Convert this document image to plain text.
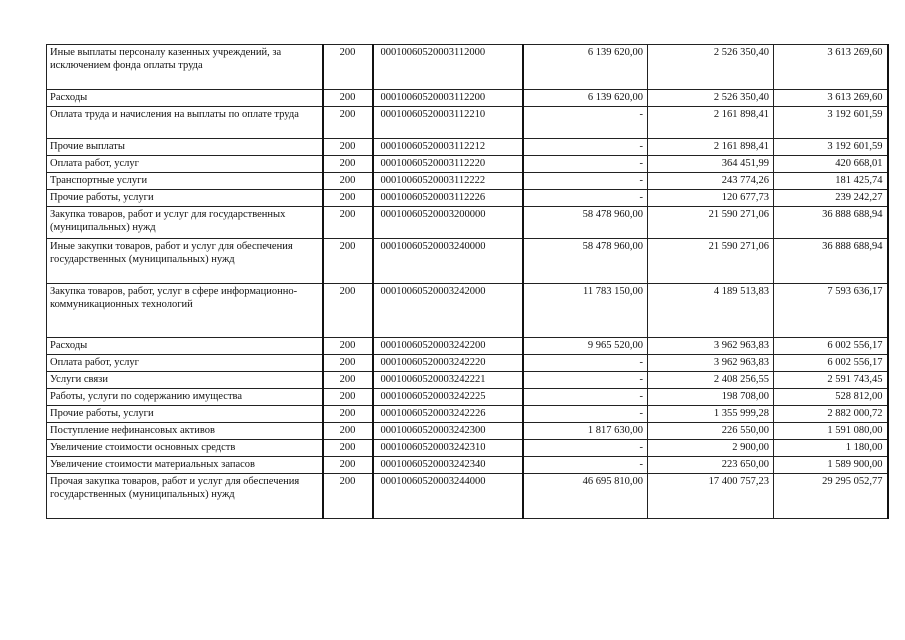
Иные выплаты персоналу казенных учреждений, за исключением фонда оплаты труда	200	00010060520003112000	6 139 620,00	2 526 350,40	3 613 269,60
Расходы	200	00010060520003112200	6 139 620,00	2 526 350,40	3 613 269,60
Оплата труда и начисления на выплаты по оплате труда	200	00010060520003112210	-	2 161 898,41	3 192 601,59
Прочие выплаты	200	00010060520003112212	-	2 161 898,41	3 192 601,59
Оплата работ, услуг	200	00010060520003112220	-	364 451,99	420 668,01
Транспортные услуги	200	00010060520003112222	-	243 774,26	181 425,74
Прочие работы, услуги	200	00010060520003112226	-	120 677,73	239 242,27
Закупка товаров, работ и услуг для государственных (муниципальных) нужд	200	00010060520003200000	58 478 960,00	21 590 271,06	36 888 688,94
Иные закупки товаров, работ и услуг для обеспечения государственных (муниципальных) нужд	200	00010060520003240000	58 478 960,00	21 590 271,06	36 888 688,94
Закупка товаров, работ, услуг в сфере информационно-коммуникационных технологий	200	00010060520003242000	11 783 150,00	4 189 513,83	7 593 636,17
Расходы	200	00010060520003242200	9 965 520,00	3 962 963,83	6 002 556,17
Оплата работ, услуг	200	00010060520003242220	-	3 962 963,83	6 002 556,17
Услуги связи	200	00010060520003242221	-	2 408 256,55	2 591 743,45
Работы, услуги по содержанию имущества	200	00010060520003242225	-	198 708,00	528 812,00
Прочие работы, услуги	200	00010060520003242226	-	1 355 999,28	2 882 000,72
Поступление нефинансовых активов	200	00010060520003242300	1 817 630,00	226 550,00	1 591 080,00
Увеличение стоимости основных средств	200	00010060520003242310	-	2 900,00	1 180,00
Увеличение стоимости материальных запасов	200	00010060520003242340	-	223 650,00	1 589 900,00
Прочая закупка товаров, работ и услуг для обеспечения государственных (муниципальных) нужд	200	00010060520003244000	46 695 810,00	17 400 757,23	29 295 052,77
